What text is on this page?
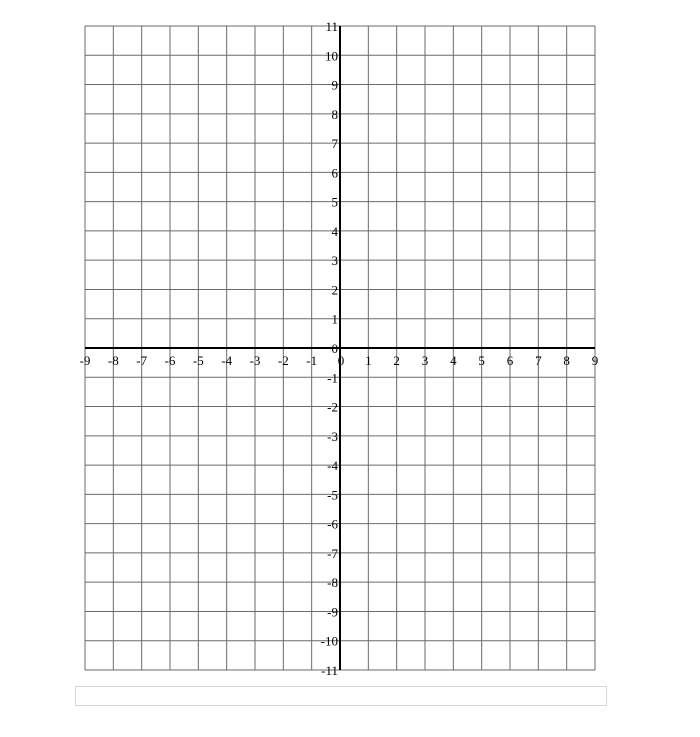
-9 -8 -7 -6 -5 -4 -3 -2 -1 0 1 2 3 4 5 6 7 8 9
11
10
9
8
7
6
5
4
3
2
1
0
-1
-2
-3
-4
-5
-6
-7
-8
-9
-10
-11
